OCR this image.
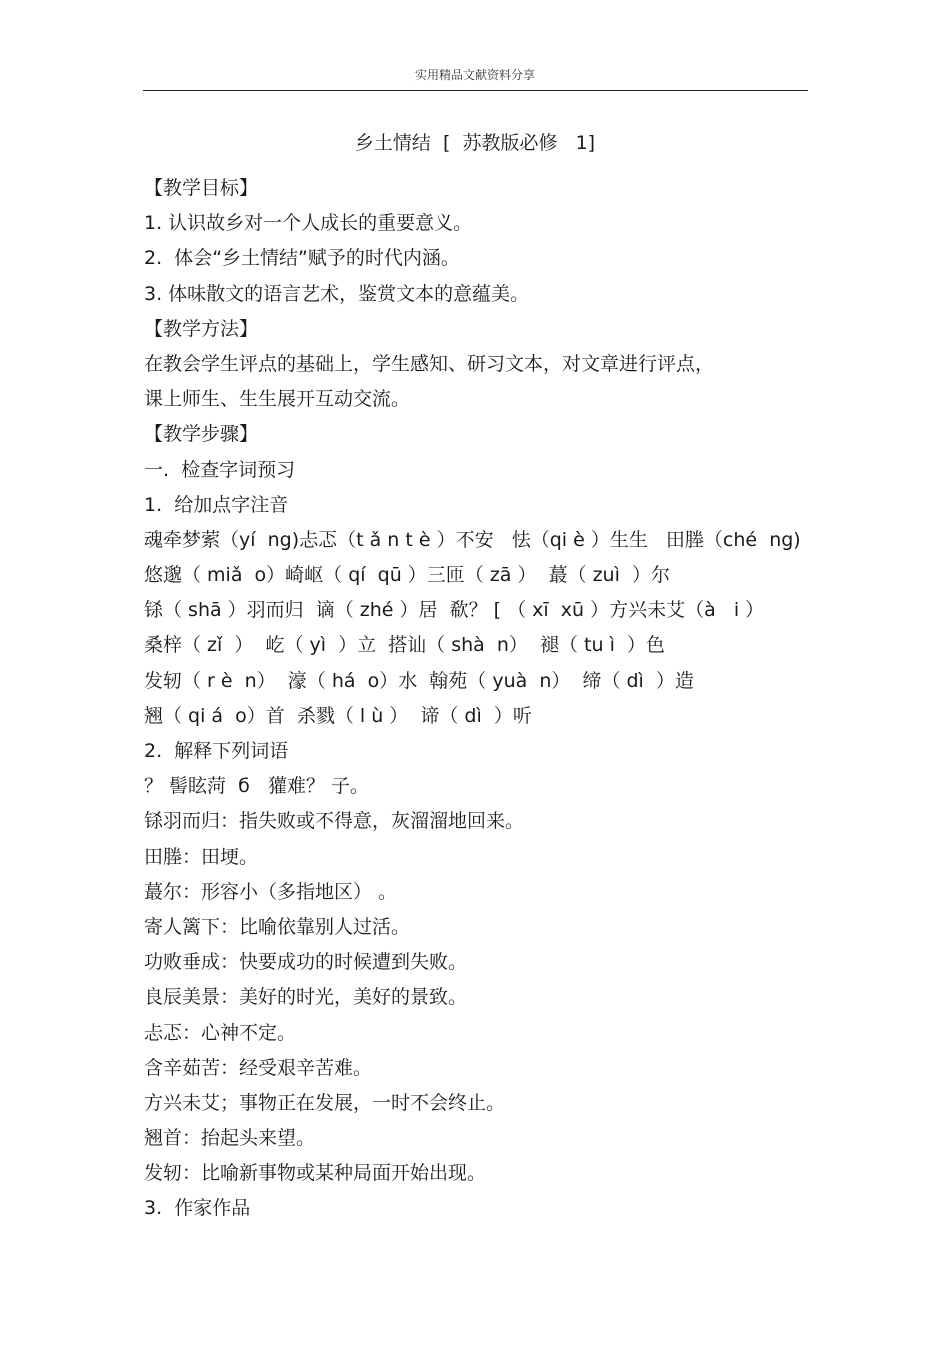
实用精品文献资料分享
乡土情结  [  苏教版必修   1]
【教学目标】
1. 认识故乡对一个人成长的重要意义。
2.  体会“乡土情结”赋予的时代内涵。
3. 体味散文的语言艺术，鉴赏文本的意蕴美。
【教学方法】
在教会学生评点的基础上，学生感知、研习文本，对文章进行评点，
课上师生、生生展开互动交流。
【教学步骤】
一.  检查字词预习
1.  给加点字注音
魂牵梦萦（yí  ng)忐忑（t ǎ n t è ）不安   怯（qi è ）生生   田塍（ché  ng)
悠邈（ miǎ  o）崎岖（ qí  qū ）三匝（ zā ）  蕞（ zuì  ）尔
铩（ shā ）羽而归  谪（ zhé ）居  欷？ [ （ xī  xū ）方兴未艾（à   i ）
桑梓（ zǐ  ）  屹（ yì  ）立  搭讪（ shà  n）  褪（ tu ì  ）色
发轫（ r è  n）  濠（ há  o）水  翰苑（ yuà  n）  缔（ dì  ）造
翘（ qi á  o）首  杀戮（ l ù ）  谛（ dì  ）听
2.  解释下列词语
？ 髻眩菏  б   獾难？ 子。
铩羽而归：指失败或不得意，灰溜溜地回来。
田塍：田埂。
蕞尔：形容小（多指地区） 。
寄人篱下：比喻依靠别人过活。
功败垂成：快要成功的时候遭到失败。
良辰美景：美好的时光，美好的景致。
忐忑：心神不定。
含辛茹苦：经受艰辛苦难。
方兴未艾；事物正在发展，一时不会终止。
翘首：抬起头来望。
发轫：比喻新事物或某种局面开始出现。
3.  作家作品
